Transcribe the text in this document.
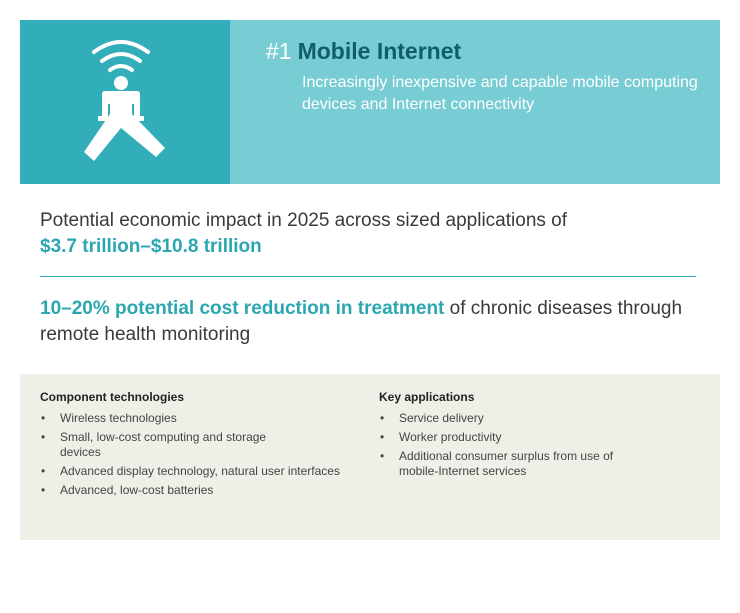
#1 Mobile Internet
Increasingly inexpensive and capable mobile computing devices and Internet connectivity
Potential economic impact in 2025 across sized applications of
$3.7 trillion–$10.8 trillion
10–20% potential cost reduction in treatment of chronic diseases through remote health monitoring
Component technologies
• Wireless technologies
• Small, low-cost computing and storage devices
• Advanced display technology, natural user interfaces
• Advanced, low-cost batteries
Key applications
• Service delivery
• Worker productivity
• Additional consumer surplus from use of mobile-Internet services
